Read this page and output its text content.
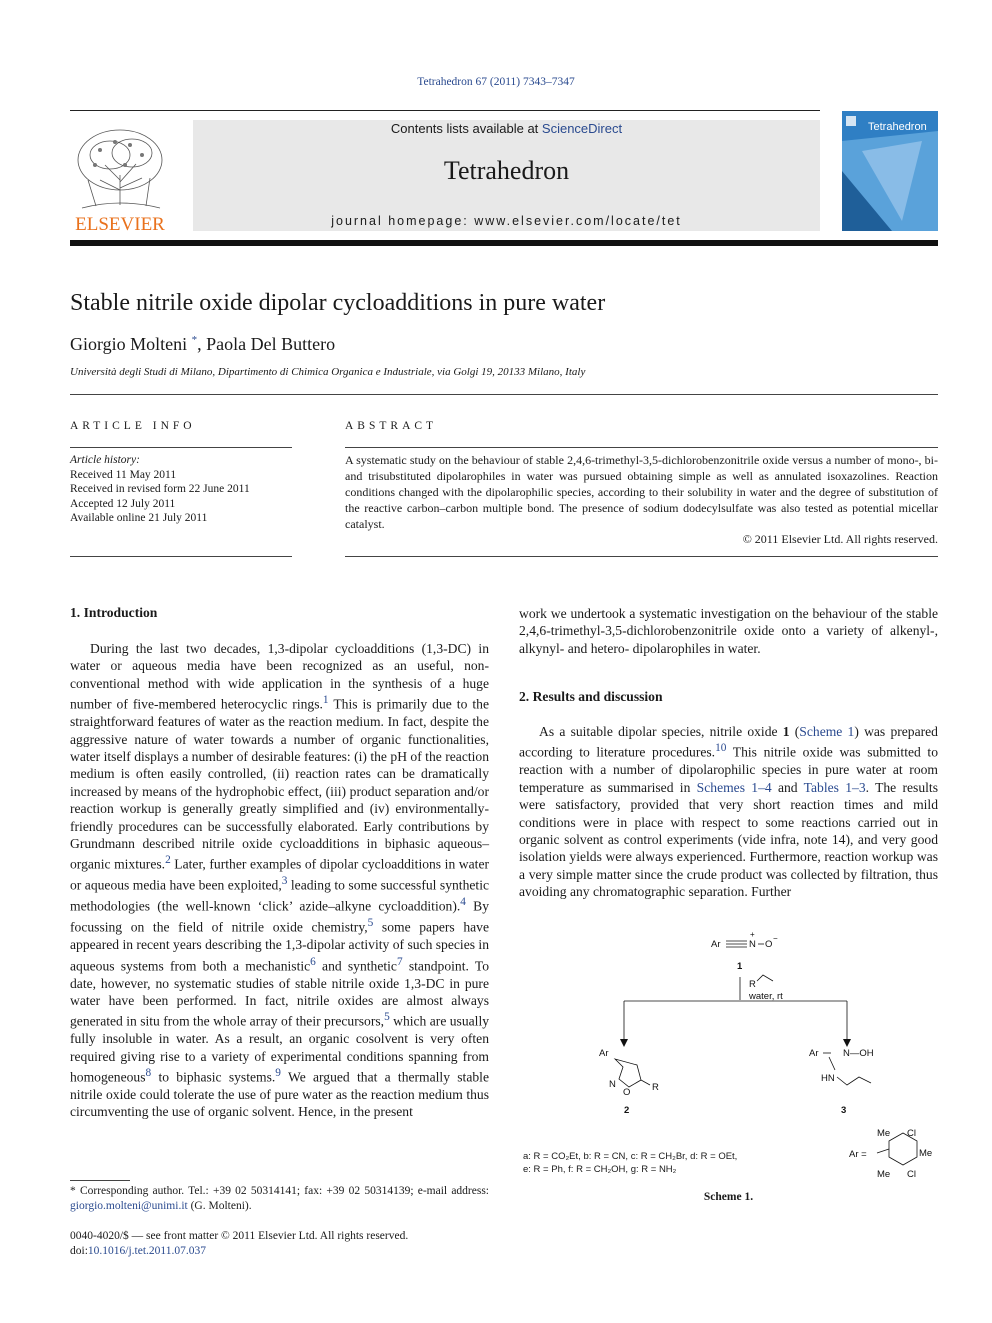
Tetrahedron 67 (2011) 7343–7347
ELSEVIER
Contents lists available at ScienceDirect
Tetrahedron
journal homepage: www.elsevier.com/locate/tet
Tetrahedron
Stable nitrile oxide dipolar cycloadditions in pure water
Giorgio Molteni *, Paola Del Buttero
Università degli Studi di Milano, Dipartimento di Chimica Organica e Industriale, via Golgi 19, 20133 Milano, Italy
ARTICLE INFO	ABSTRACT
Article history:
Received 11 May 2011
Received in revised form 22 June 2011
Accepted 12 July 2011
Available online 21 July 2011
A systematic study on the behaviour of stable 2,4,6-trimethyl-3,5-dichlorobenzonitrile oxide versus a number of mono-, bi- and trisubstituted dipolarophiles in water was pursued obtaining simple as well as annulated isoxazolines. Reaction conditions changed with the dipolarophilic species, according to their solubility in water and the degree of substitution of the reactive carbon–carbon multiple bond. The presence of sodium dodecylsulfate was also tested as potential micellar catalyst.
© 2011 Elsevier Ltd. All rights reserved.
1. Introduction

During the last two decades, 1,3-dipolar cycloadditions (1,3-DC) in water or aqueous media have been recognized as an useful, non-conventional method with wide application in the synthesis of a huge number of five-membered heterocyclic rings.$^1$ This is primarily due to the straightforward features of water as the reaction medium. In fact, despite the aggressive nature of water towards a number of organic functionalities, water itself displays a number of desirable features: (i) the pH of the reaction medium is often easily controlled, (ii) reaction rates can be dramatically increased by means of the hydrophobic effect, (iii) product separation and/or reaction workup is generally greatly simplified and (iv) environmentally-friendly procedures can be successfully elaborated. Early contributions by Grundmann described nitrile oxide cycloadditions in biphasic aqueous–organic mixtures.$^2$ Later, further examples of dipolar cycloadditions in water or aqueous media have been exploited,$^3$ leading to some successful synthetic methodologies (the well-known ‘click’ azide–alkyne cycloaddition).$^4$ By focussing on the field of nitrile oxide chemistry,$^5$ some papers have appeared in recent years describing the 1,3-dipolar activity of such species in aqueous systems from both a mechanistic$^6$ and synthetic$^7$ standpoint. To date, however, no systematic studies of stable nitrile oxide 1,3-DC in pure water have been performed. In fact, nitrile oxides are almost always generated in situ from the whole array of their precursors,$^5$ which are usually fully insoluble in water. As a result, an organic cosolvent is very often required giving rise to a variety of experimental conditions spanning from homogeneous$^8$ to biphasic systems.$^9$ We argued that a thermally stable nitrile oxide could tolerate the use of pure water as the reaction medium thus circumventing the use of organic solvent. Hence, in the present

work we undertook a systematic investigation on the behaviour of the stable 2,4,6-trimethyl-3,5-dichlorobenzonitrile oxide onto a variety of alkenyl-, alkynyl- and hetero- dipolarophiles in water.
2. Results and discussion

As a suitable dipolar species, nitrile oxide 1 (Scheme 1) was prepared according to literature procedures.$^{10}$ This nitrile oxide was submitted to reaction with a number of dipolarophilic species in pure water at room temperature as summarised in Schemes 1–4 and Tables 1–3. The results were satisfactory, provided that very short reaction times and mild conditions were in place with respect to some reactions carried out in organic solvent as control experiments (vide infra, note 14), and very good isolation yields were always experienced. Furthermore, reaction workup was a very simple matter since the crude product was collected by filtration, thus avoiding any chromatographic separation. Further

Ar	N
+
O
−
1
R
water, rt
Ar
N
O R
2
Ar	N—OH
HN
3
Ar =
Me Cl
Me
Me Cl
a: R = CO₂Et, b: R = CN, c: R = CH₂Br, d: R = OEt,
e: R = Ph, f: R = CH₂OH, g: R = NH₂
Scheme 1.
* Corresponding author. Tel.: +39 02 50314141; fax: +39 02 50314139; e-mail address: giorgio.molteni@unimi.it (G. Molteni).
0040-4020/$ — see front matter © 2011 Elsevier Ltd. All rights reserved.
doi:10.1016/j.tet.2011.07.037
